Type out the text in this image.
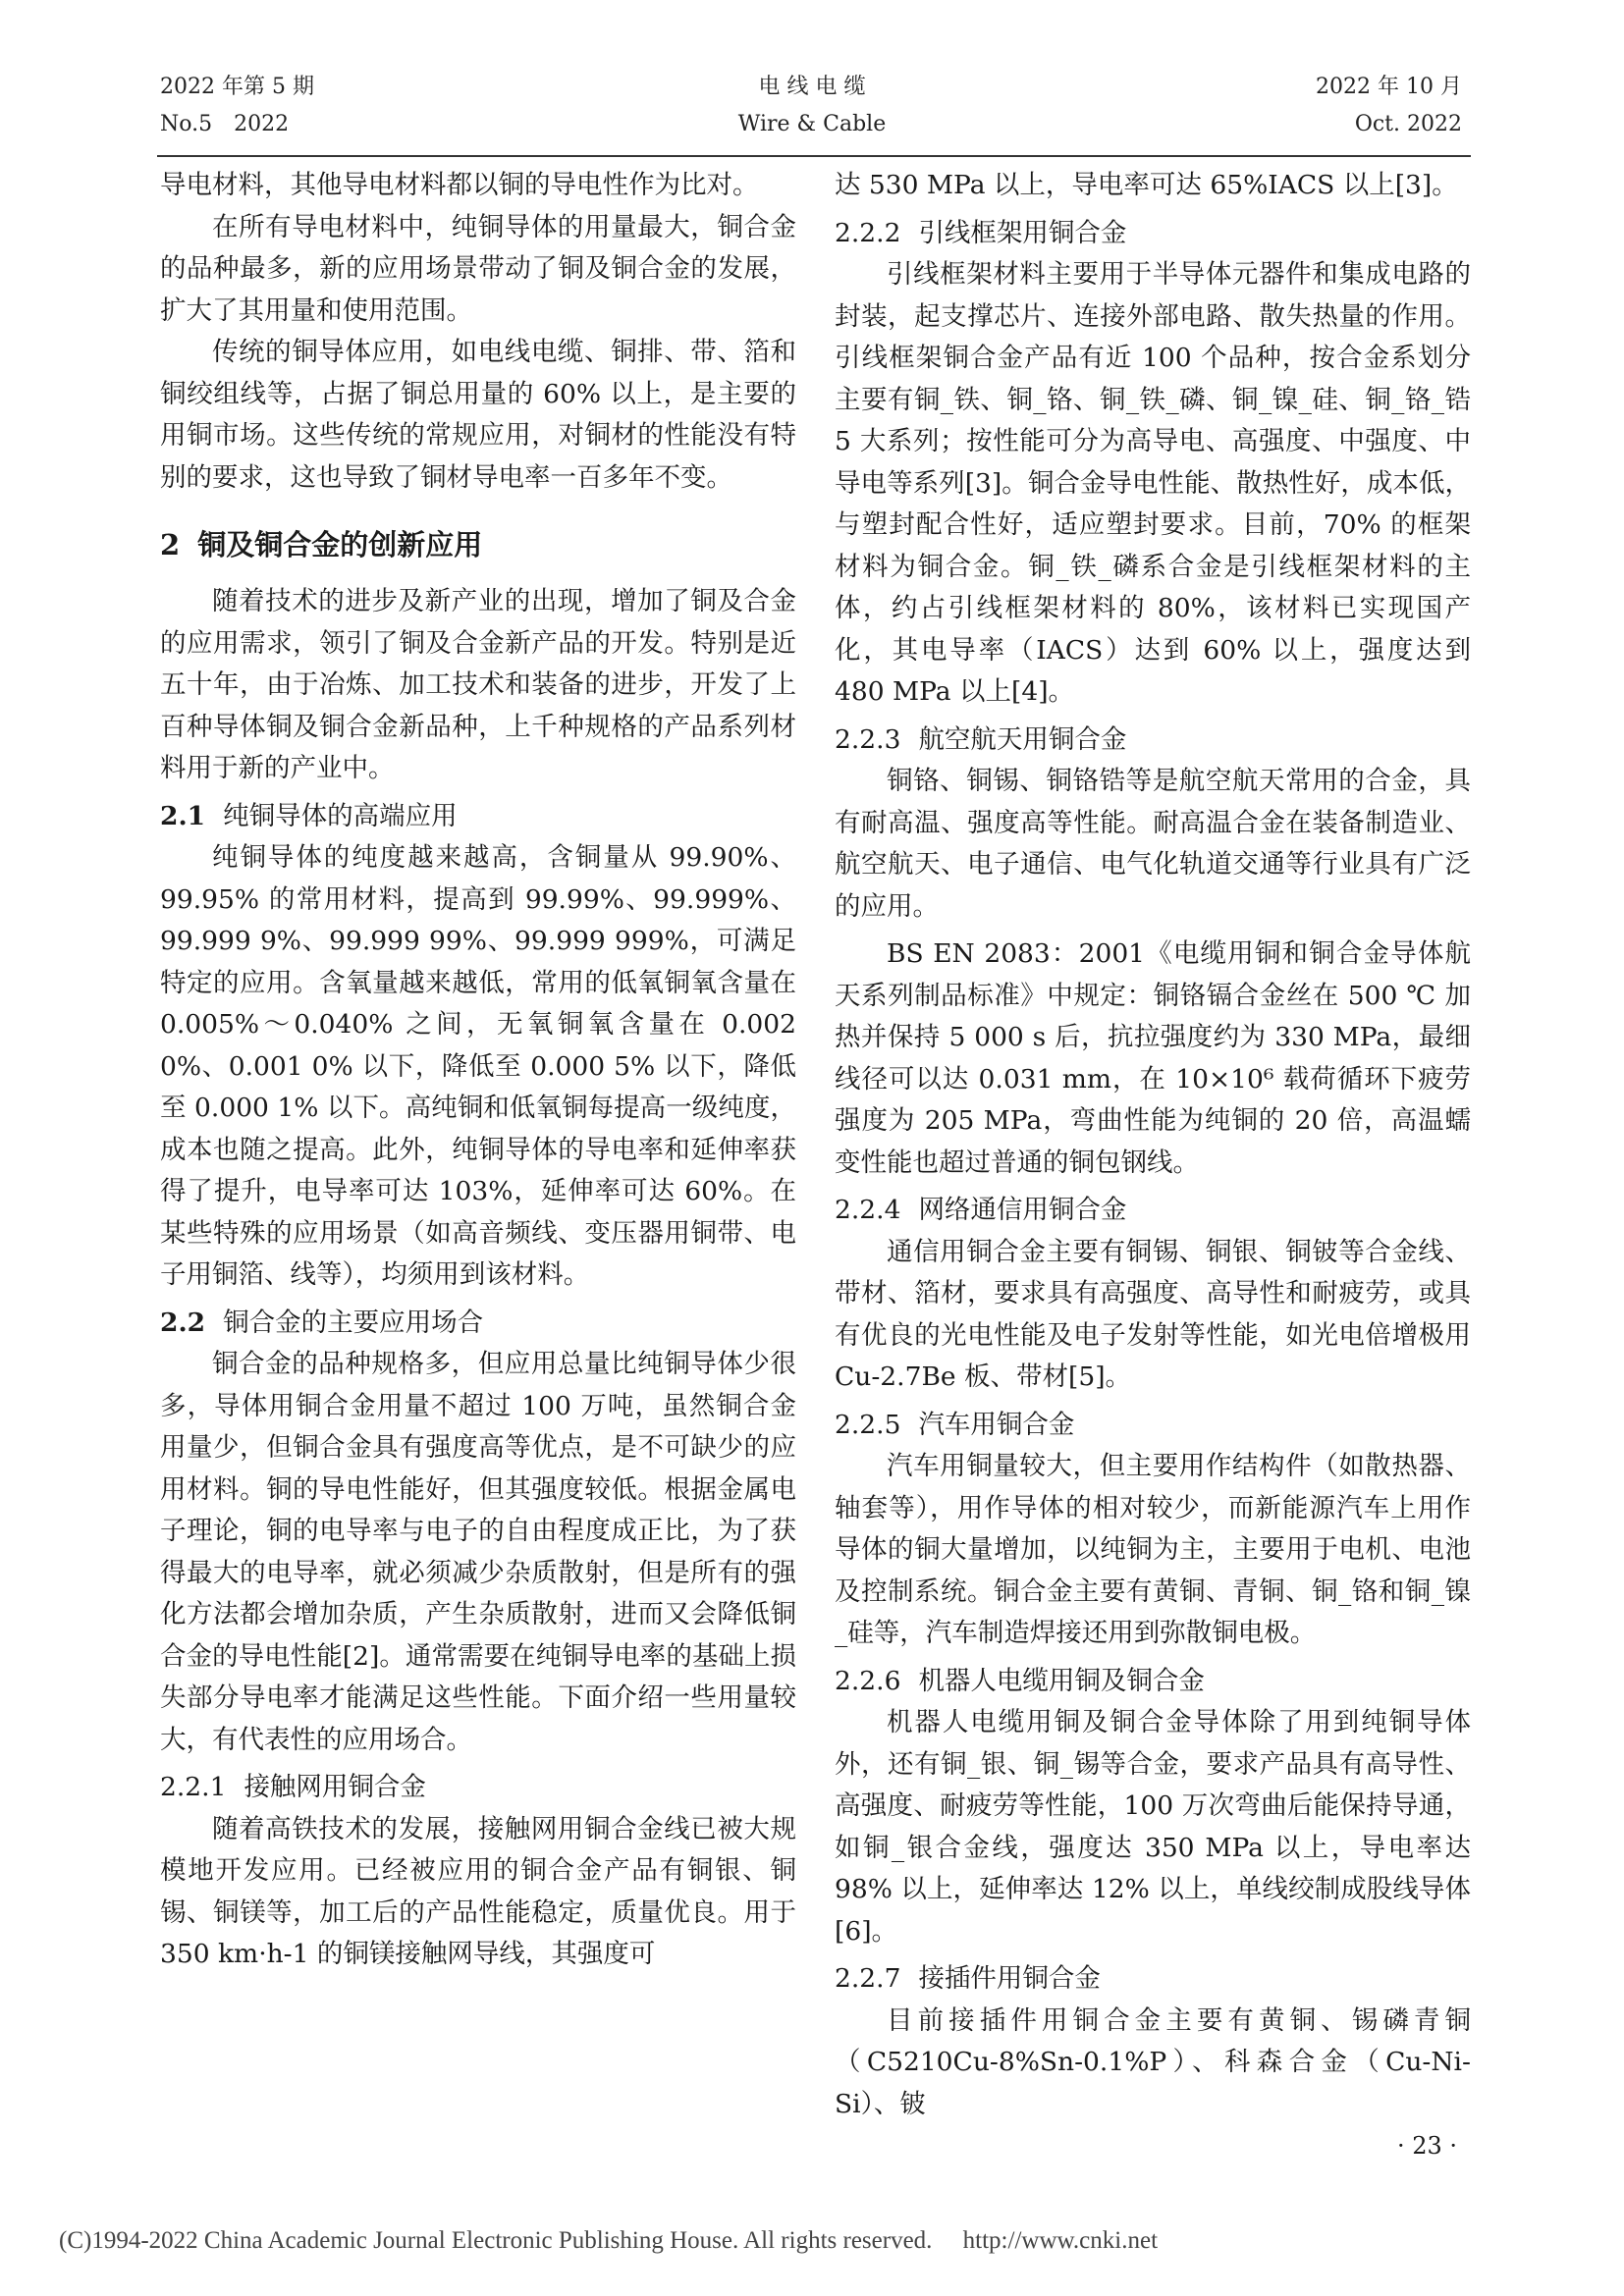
2022 年第 5 期
No.5　2022
电 线 电 缆
Wire & Cable
2022 年 10 月
Oct. 2022

导电材料，其他导电材料都以铜的导电性作为比对。

在所有导电材料中，纯铜导体的用量最大，铜合金的品种最多，新的应用场景带动了铜及铜合金的发展，扩大了其用量和使用范围。

传统的铜导体应用，如电线电缆、铜排、带、箔和铜绞组线等，占据了铜总用量的 60% 以上，是主要的用铜市场。这些传统的常规应用，对铜材的性能没有特别的要求，这也导致了铜材导电率一百多年不变。

2 铜及铜合金的创新应用

随着技术的进步及新产业的出现，增加了铜及合金的应用需求，领引了铜及合金新产品的开发。特别是近五十年，由于冶炼、加工技术和装备的进步，开发了上百种导体铜及铜合金新品种，上千种规格的产品系列材料用于新的产业中。

2.1 纯铜导体的高端应用

纯铜导体的纯度越来越高，含铜量从 99.90%、99.95% 的常用材料，提高到 99.99%、99.999%、99.999 9%、99.999 99%、99.999 999%，可满足特定的应用。含氧量越来越低，常用的低氧铜氧含量在 0.005%～0.040% 之间，无氧铜氧含量在 0.002 0%、0.001 0% 以下，降低至 0.000 5% 以下，降低至 0.000 1% 以下。高纯铜和低氧铜每提高一级纯度，成本也随之提高。此外，纯铜导体的导电率和延伸率获得了提升，电导率可达 103%，延伸率可达 60%。在某些特殊的应用场景（如高音频线、变压器用铜带、电子用铜箔、线等），均须用到该材料。

2.2 铜合金的主要应用场合

铜合金的品种规格多，但应用总量比纯铜导体少很多，导体用铜合金用量不超过 100 万吨，虽然铜合金用量少，但铜合金具有强度高等优点，是不可缺少的应用材料。铜的导电性能好，但其强度较低。根据金属电子理论，铜的电导率与电子的自由程度成正比，为了获得最大的电导率，就必须减少杂质散射，但是所有的强化方法都会增加杂质，产生杂质散射，进而又会降低铜合金的导电性能[2]。通常需要在纯铜导电率的基础上损失部分导电率才能满足这些性能。下面介绍一些用量较大，有代表性的应用场合。

2.2.1 接触网用铜合金

随着高铁技术的发展，接触网用铜合金线已被大规模地开发应用。已经被应用的铜合金产品有铜银、铜锡、铜镁等，加工后的产品性能稳定，质量优良。用于 350 km·h-1 的铜镁接触网导线，其强度可

达 530 MPa 以上，导电率可达 65%IACS 以上[3]。

2.2.2 引线框架用铜合金

引线框架材料主要用于半导体元器件和集成电路的封装，起支撑芯片、连接外部电路、散失热量的作用。引线框架铜合金产品有近 100 个品种，按合金系划分主要有铜_铁、铜_铬、铜_铁_磷、铜_镍_硅、铜_铬_锆 5 大系列；按性能可分为高导电、高强度、中强度、中导电等系列[3]。铜合金导电性能、散热性好，成本低，与塑封配合性好，适应塑封要求。目前，70% 的框架材料为铜合金。铜_铁_磷系合金是引线框架材料的主体，约占引线框架材料的 80%，该材料已实现国产化，其电导率（IACS）达到 60% 以上，强度达到 480 MPa 以上[4]。

2.2.3 航空航天用铜合金

铜铬、铜锡、铜铬锆等是航空航天常用的合金，具有耐高温、强度高等性能。耐高温合金在装备制造业、航空航天、电子通信、电气化轨道交通等行业具有广泛的应用。

BS EN 2083：2001《电缆用铜和铜合金导体航天系列制品标准》中规定：铜铬镉合金丝在 500 ℃ 加热并保持 5 000 s 后，抗拉强度约为 330 MPa，最细线径可以达 0.031 mm，在 10×10⁶ 载荷循环下疲劳强度为 205 MPa，弯曲性能为纯铜的 20 倍，高温蠕变性能也超过普通的铜包钢线。

2.2.4 网络通信用铜合金

通信用铜合金主要有铜锡、铜银、铜铍等合金线、带材、箔材，要求具有高强度、高导性和耐疲劳，或具有优良的光电性能及电子发射等性能，如光电倍增极用 Cu-2.7Be 板、带材[5]。

2.2.5 汽车用铜合金

汽车用铜量较大，但主要用作结构件（如散热器、轴套等），用作导体的相对较少，而新能源汽车上用作导体的铜大量增加，以纯铜为主，主要用于电机、电池及控制系统。铜合金主要有黄铜、青铜、铜_铬和铜_镍_硅等，汽车制造焊接还用到弥散铜电极。

2.2.6 机器人电缆用铜及铜合金

机器人电缆用铜及铜合金导体除了用到纯铜导体外，还有铜_银、铜_锡等合金，要求产品具有高导性、高强度、耐疲劳等性能，100 万次弯曲后能保持导通，如铜_银合金线，强度达 350 MPa 以上，导电率达 98% 以上，延伸率达 12% 以上，单线绞制成股线导体[6]。

2.2.7 接插件用铜合金

目前接插件用铜合金主要有黄铜、锡磷青铜（C5210Cu-8%Sn-0.1%P）、科森合金（Cu-Ni-Si）、铍

· 23 ·
(C)1994-2022 China Academic Journal Electronic Publishing House. All rights reserved.　 http://www.cnki.net
